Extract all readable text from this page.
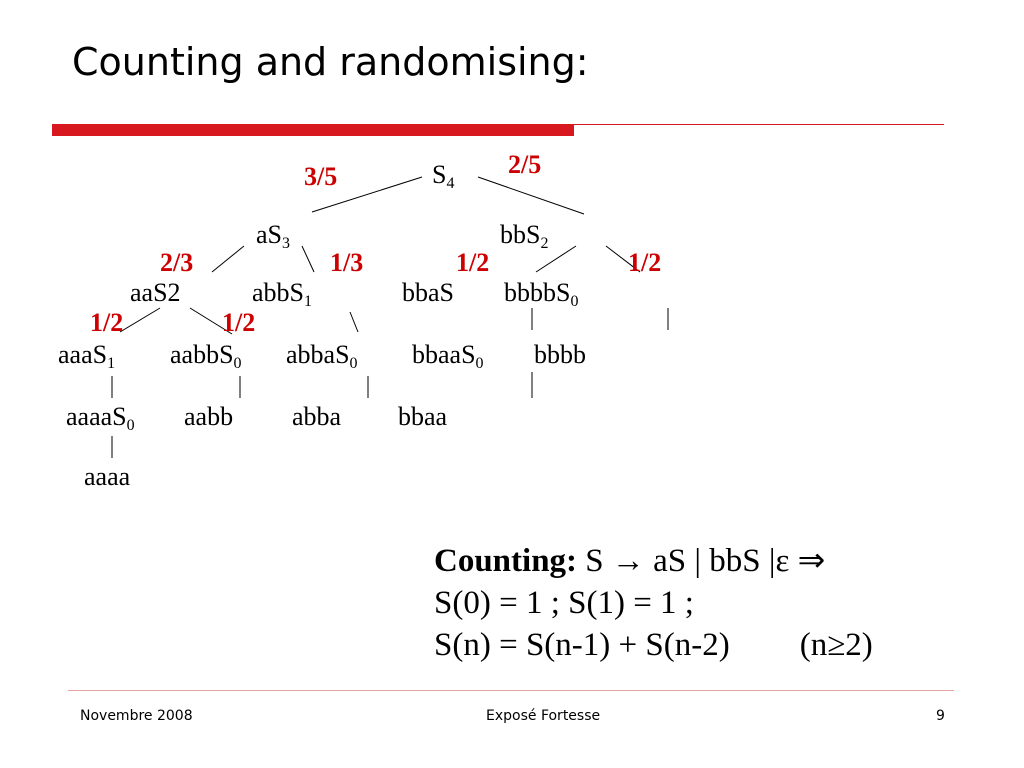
Counting and randomising:
$S_4$
$aS_3$	bbS$_2$
aaS2	abbS$_1$	bbaS bbbbS$_0$
aaaS$_1$ aabbS$_0$ abbaS$_0$ bbaaS$_0$ bbbb
aaaaS$_0$ aabb abba bbaa
aaaa
3/5	2/5
2/3	1/3	1/2	1/2
1/2	1/2
Counting: S → aS | bbS |ε ⇒
S(0) = 1 ; S(1) = 1 ;
S(n) = S(n-1) + S(n-2) (n≥2)
Novembre 2008	Exposé Fortesse	9
